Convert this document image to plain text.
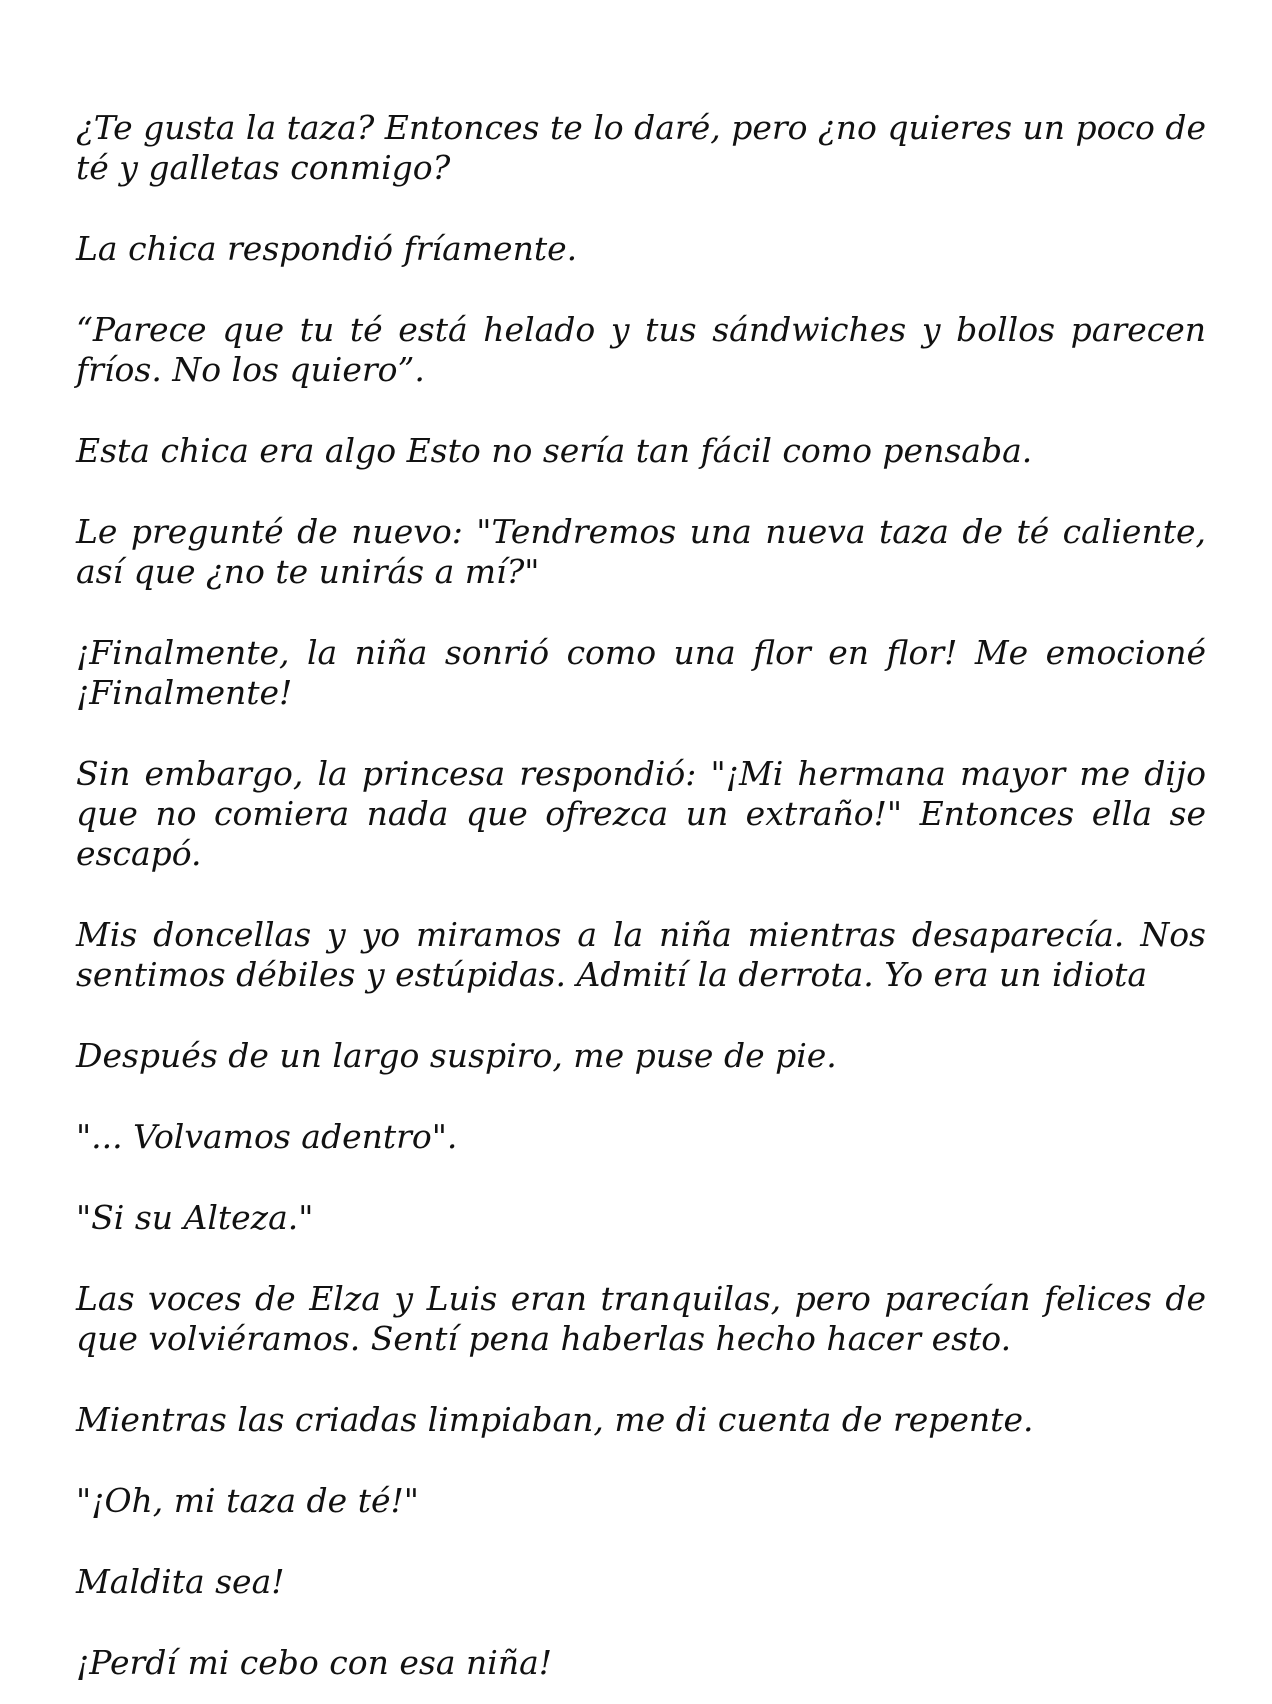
¿Te gusta la taza? Entonces te lo daré, pero ¿no quieres un poco de té y galletas conmigo?

La chica respondió fríamente.

“Parece que tu té está helado y tus sándwiches y bollos parecen fríos. No los quiero”.

Esta chica era algo Esto no sería tan fácil como pensaba.

Le pregunté de nuevo: "Tendremos una nueva taza de té caliente, así que ¿no te unirás a mí?"

¡Finalmente, la niña sonrió como una flor en flor! Me emocioné ¡Finalmente!

Sin embargo, la princesa respondió: "¡Mi hermana mayor me dijo que no comiera nada que ofrezca un extraño!" Entonces ella se escapó.

Mis doncellas y yo miramos a la niña mientras desaparecía. Nos sentimos débiles y estúpidas. Admití la derrota. Yo era un idiota

Después de un largo suspiro, me puse de pie.

"... Volvamos adentro".

"Si su Alteza."

Las voces de Elza y Luis eran tranquilas, pero parecían felices de que volviéramos. Sentí pena haberlas hecho hacer esto.

Mientras las criadas limpiaban, me di cuenta de repente.

"¡Oh, mi taza de té!"

Maldita sea!

¡Perdí mi cebo con esa niña!
